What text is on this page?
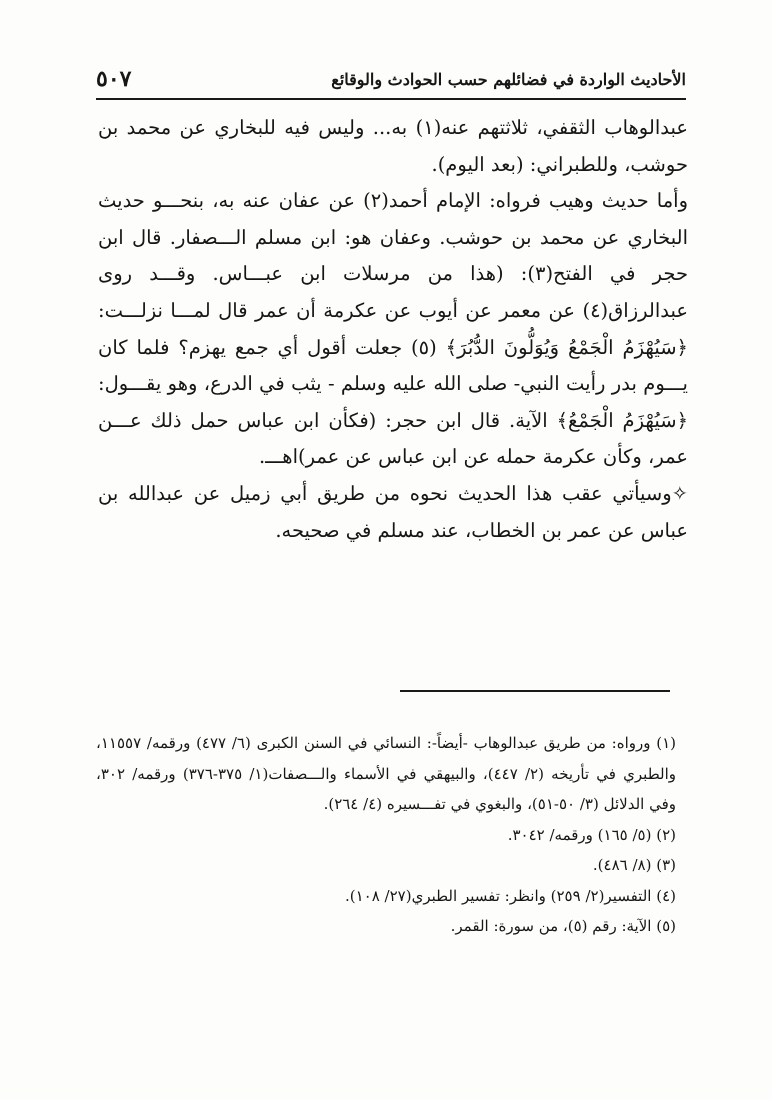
الأحاديث الواردة في فضائلهم حسب الحوادث والوقائع
٥٠٧

عبدالوهاب الثقفي، ثلاثتهم عنه(١) به... وليس فيه للبخاري عن محمد بن حوشب، وللطبراني: (بعد اليوم).

وأما حديث وهيب فرواه: الإمام أحمد(٢) عن عفان عنه به، بنحـــو حديث البخاري عن محمد بن حوشب. وعفان هو: ابن مسلم الـــصفار. قال ابن حجر في الفتح(٣): (هذا من مرسلات ابن عبـــاس. وقـــد روى عبدالرزاق(٤) عن معمر عن أيوب عن عكرمة أن عمر قال لمـــا نزلـــت: ﴿سَيُهْزَمُ الْجَمْعُ وَيُوَلُّونَ الدُّبُرَ﴾ (٥) جعلت أقول أي جمع يهزم؟ فلما كان يـــوم بدر رأيت النبي- صلى الله عليه وسلم - يثب في الدرع، وهو يقـــول: ﴿سَيُهْزَمُ الْجَمْعُ﴾ الآية. قال ابن حجر: (فكأن ابن عباس حمل ذلك عـــن عمر، وكأن عكرمة حمله عن ابن عباس عن عمر)اهـــ.

✧وسيأتي عقب هذا الحديث نحوه من طريق أبي زميل عن عبدالله بن عباس عن عمر بن الخطاب، عند مسلم في صحيحه.

(١) ورواه: من طريق عبدالوهاب -أيضاً-: النسائي في السنن الكبرى (٦/ ٤٧٧) ورقمه/ ١١٥٥٧، والطبري في تأريخه (٢/ ٤٤٧)، والبيهقي في الأسماء والـــصفات(١/ ٣٧٥-٣٧٦) ورقمه/ ٣٠٢، وفي الدلائل (٣/ ٥٠-٥١)، والبغوي في تفـــسيره (٤/ ٢٦٤).

(٢) (٥/ ١٦٥) ورقمه/ ٣٠٤٢.

(٣) (٨/ ٤٨٦).

(٤) التفسير(٢/ ٢٥٩) وانظر: تفسير الطبري(٢٧/ ١٠٨).

(٥) الآية: رقم (٥)، من سورة: القمر.
